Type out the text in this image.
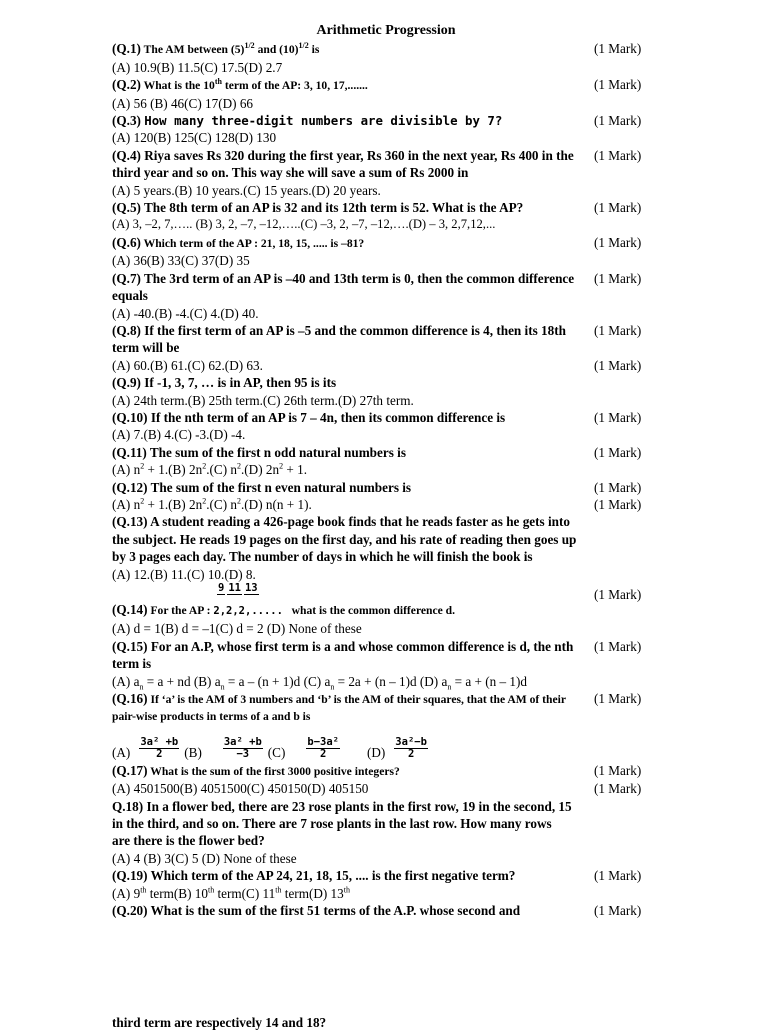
Arithmetic Progression
(Q.1) The AM between $(5)^{1/2}$ and $(10)^{1/2}$ is	(1 Mark)
(A) 10.9(B) 11.5(C) 17.5(D) 2.7
(Q.2) What is the 10th term of the AP: 3, 10, 17,.......	(1 Mark)
(A) 56 (B) 46(C) 17(D) 66
(Q.3) How many three-digit numbers are divisible by 7?	(1 Mark)
(A) 120(B) 125(C) 128(D) 130
(Q.4) Riya saves Rs 320 during the first year, Rs 360 in the next year, Rs 400 in the third year and so on. This way she will save a sum of Rs 2000 in
(1 Mark)
(A) 5 years.(B) 10 years.(C) 15 years.(D) 20 years.
(Q.5) The 8th term of an AP is 32 and its 12th term is 52. What is the AP?	(1 Mark)
(A) 3, –2, 7,….. (B) 3, 2, –7, –12,…..(C) –3, 2, –7, –12,….(D) – 3, 2,7,12,...
(Q.6) Which term of the AP : 21, 18, 15, ..... is –81?	(1 Mark)
(A) 36(B) 33(C) 37(D) 35
(Q.7) The 3rd term of an AP is –40 and 13th term is 0, then the common difference equals
(1 Mark)
(A) -40.(B) -4.(C) 4.(D) 40.
(Q.8) If the first term of an AP is –5 and the common difference is 4, then its 18th term will be
(1 Mark)
(A) 60.(B) 61.(C) 62.(D) 63.	(1 Mark)
(Q.9) If -1, 3, 7, … is in AP, then 95 is its
(A) 24th term.(B) 25th term.(C) 26th term.(D) 27th term.
(Q.10) If the nth term of an AP is 7 – 4n, then its common difference is	(1 Mark)
(A) 7.(B) 4.(C) -3.(D) -4.
(Q.11) The sum of the first n odd natural numbers is	(1 Mark)
(A) $n^2 + 1.(B)$ $2n^2.(C)$ $n^2.(D) 2n^2 + 1$.
(Q.12) The sum of the first n even natural numbers is	(1 Mark)
(A) $n^2 + 1.(B)$ $2n^2.(C)$ $n^2.(D) n(n + 1)$.	(1 Mark)
(Q.13) A student reading a 426-page book finds that he reads faster as he gets into the subject. He reads 19 pages on the first day, and his rate of reading then goes up by 3 pages each day. The number of days in which he will finish the book is
(A) 12.(B) 11.(C) 10.(D) 8.
9 11 13	(1 Mark)
(Q.14) For the AP : 2,2,2,..... what is the common difference d.
(A) d = 1(B) d = –1(C) d = 2 (D) None of these
(Q.15) For an A.P, whose first term is a and whose common difference is d, the nth term is
(1 Mark)
(A) $a_n = a$ + nd (B) $a_n = a - (n + 1)d$ (C) $a_n = 2a + (n - 1)d$ (D) $a_n = a + (n - 1)d$
(Q.16) If ‘a’ is the AM of 3 numbers and ‘b’ is the AM of their squares, that the AM of their pair-wise products in terms of a and b is
(1 Mark)
$(A) \frac{\text{3a² +b}}{2} (B) \frac{\text{3a² +b}}{-3} (C) \frac{\text{b−3a²}}{2} (D) \frac{\text{3a²−b}}{2}$
(Q.17) What is the sum of the first 3000 positive integers?	(1 Mark)
(A) 4501500(B) 4051500(C) 450150(D) 405150	(1 Mark)
Q.18) In a flower bed, there are 23 rose plants in the first row, 19 in the second, 15 in the third, and so on. There are 7 rose plants in the last row. How many rows are there is the flower bed?
(A) 4 (B) 3(C) 5 (D) None of these
(Q.19) Which term of the AP 24, 21, 18, 15, .... is the first negative term?	(1 Mark)
(A) 9th term(B) 10th term(C) 11th term(D) 13th
(Q.20) What is the sum of the first 51 terms of the A.P. whose second and	(1 Mark)
third term are respectively 14 and 18?
